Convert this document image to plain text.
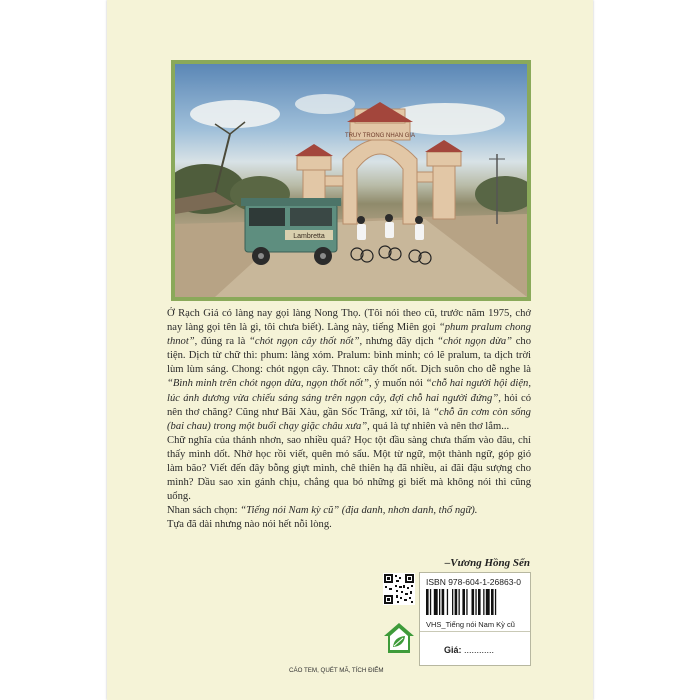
TRUY TRONG NHAN GIA
Lambretta

Ở Rạch Giá có làng nay gọi làng Nong Thọ. (Tôi nói theo cũ, trước năm 1975, chớ nay làng gọi tên là gì, tôi chưa biết). Làng này, tiếng Miên gọi “phum pralum chong thnot”, đúng ra là “chót ngọn cây thốt nốt”, nhưng đây dịch “chót ngọn dừa” cho tiện. Dịch từ chữ thì: phum: làng xóm. Pralum: bình minh; có lẽ pralum, ta dịch trời lùm lùm sáng. Chong: chót ngọn cây. Thnot: cây thốt nốt. Dịch suôn cho dễ nghe là “Bình minh trên chót ngọn dừa, ngọn thốt nốt”, ý muốn nói “chỗ hai người hội diện, lúc ánh dương vừa chiếu sáng sáng trên ngọn cây, đợi chỗ hai người đứng”, hỏi có nên thơ chăng? Cũng như Bãi Xàu, gần Sốc Trăng, xứ tôi, là “chỗ ăn cơm còn sống (bai chau) trong một buổi chạy giặc châu xưa”, quả là tự nhiên và nên thơ lắm...

Chữ nghĩa của thánh nhơn, sao nhiều quá? Học tột đầu sàng chưa thấm vào đâu, chỉ thấy mình dốt. Nhờ học rồi viết, quên mỏ sẩu. Một từ ngữ, một thành ngữ, góp gió làm bão? Viết đến đây bỗng giựt mình, chê thiên hạ đã nhiều, ai đãi đậu sượng cho mình? Dầu sao xin gánh chịu, chẳng qua bỏ những gì biết mà không nói thì cũng uổng.

Nhan sách chọn: “Tiếng nói Nam kỳ cũ” (địa danh, nhơn danh, thổ ngữ).

Tựa đã dài nhưng nào nói hết nỗi lòng.

–Vương Hồng Sển
CÁO TEM, QUÉT MÃ, TÍCH ĐIỂM
ISBN 978-604-1-26863-0
VHS_Tiếng nói Nam Kỳ cũ
Giá: ............
